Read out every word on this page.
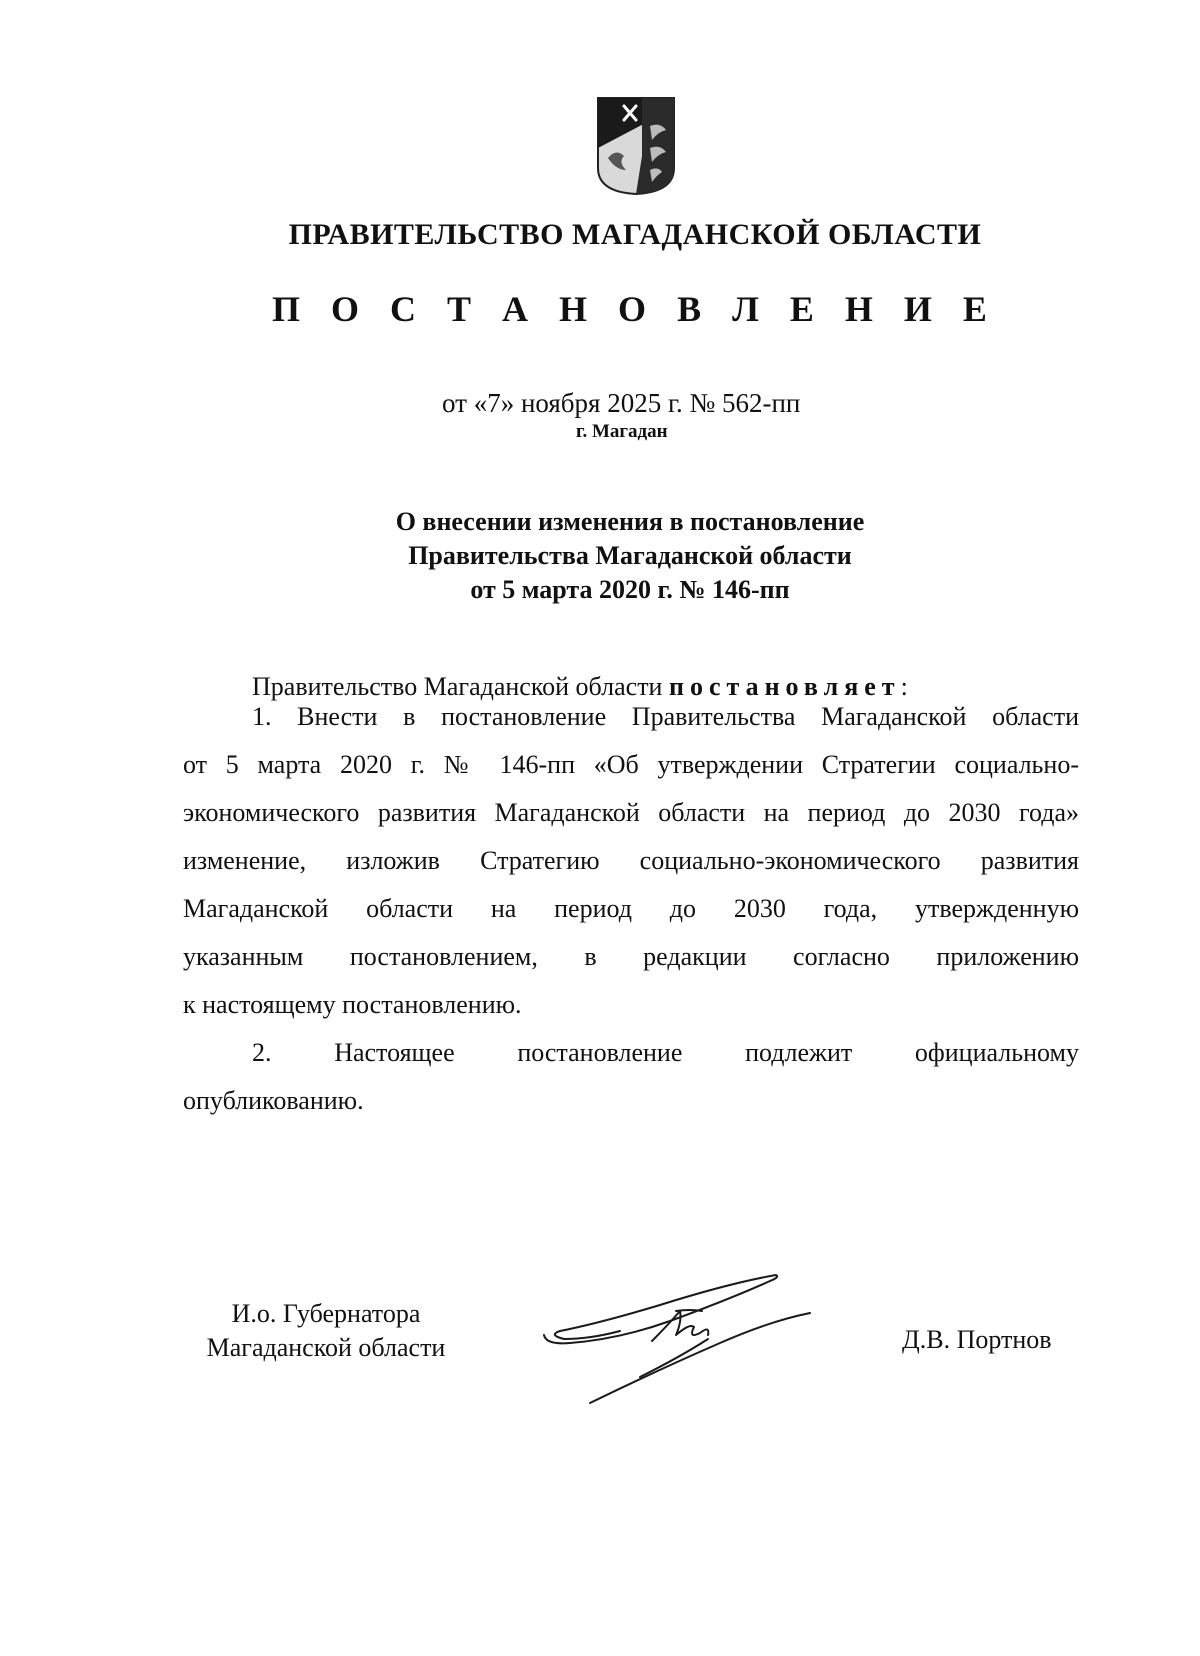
ПРАВИТЕЛЬСТВО МАГАДАНСКОЙ ОБЛАСТИ
П О С Т А Н О В Л Е Н И Е
от «7» ноября 2025 г. № 562-пп
г. Магадан
О внесении изменения в постановление
Правительства Магаданской области
от 5 марта 2020 г. № 146-пп
Правительство Магаданской области постановляет:
1. Внести в постановление Правительства Магаданской области
от 5 марта 2020 г. № 146-пп «Об утверждении Стратегии социально-
экономического развития Магаданской области на период до 2030 года»
изменение, изложив Стратегию социально-экономического развития
Магаданской области на период до 2030 года, утвержденную
указанным постановлением, в редакции согласно приложению
к настоящему постановлению.
2. Настоящее постановление подлежит официальному
опубликованию.
И.о. Губернатора
Магаданской области	Д.В. Портнов
